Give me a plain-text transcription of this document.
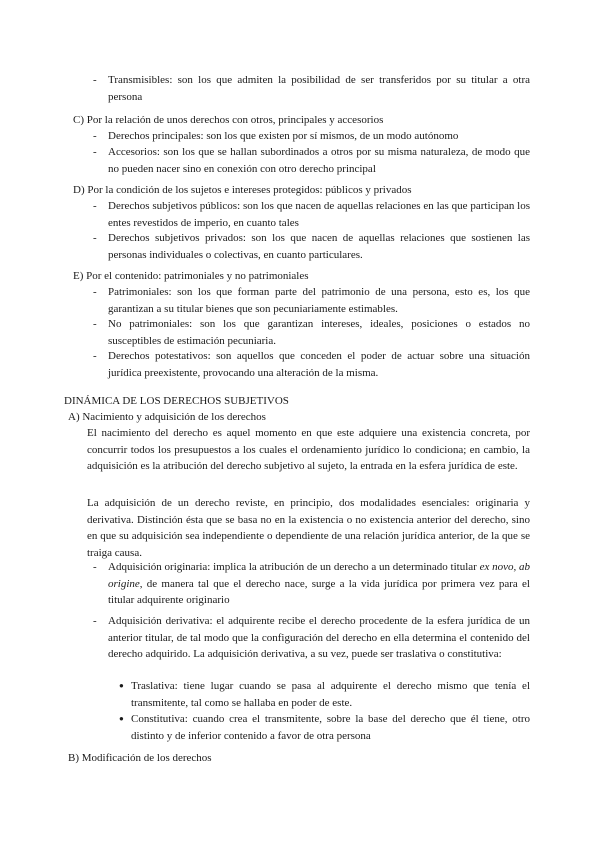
- Transmisibles: son los que admiten la posibilidad de ser transferidos por su titular a otra persona
C) Por la relación de unos derechos con otros, principales y accesorios
- Derechos principales: son los que existen por sí mismos, de un modo autónomo
- Accesorios: son los que se hallan subordinados a otros por su misma naturaleza, de modo que no pueden nacer sino en conexión con otro derecho principal
D) Por la condición de los sujetos e intereses protegidos: públicos y privados
- Derechos subjetivos públicos: son los que nacen de aquellas relaciones en las que participan los entes revestidos de imperio, en cuanto tales
- Derechos subjetivos privados: son los que nacen de aquellas relaciones que sostienen las personas individuales o colectivas, en cuanto particulares.
E) Por el contenido: patrimoniales y no patrimoniales
- Patrimoniales: son los que forman parte del patrimonio de una persona, esto es, los que garantizan a su titular bienes que son pecuniariamente estimables.
- No patrimoniales: son los que garantizan intereses, ideales, posiciones o estados no susceptibles de estimación pecuniaria.
- Derechos potestativos: son aquellos que conceden el poder de actuar sobre una situación jurídica preexistente, provocando una alteración de la misma.
DINÁMICA DE LOS DERECHOS SUBJETIVOS
A) Nacimiento y adquisición de los derechos
El nacimiento del derecho es aquel momento en que este adquiere una existencia concreta, por concurrir todos los presupuestos a los cuales el ordenamiento jurídico lo condiciona; en cambio, la adquisición es la atribución del derecho subjetivo al sujeto, la entrada en la esfera jurídica de este.
La adquisición de un derecho reviste, en principio, dos modalidades esenciales: originaria y derivativa. Distinción ésta que se basa no en la existencia o no existencia anterior del derecho, sino en que su adquisición sea independiente o dependiente de una relación jurídica anterior, de la que se traiga causa.
- Adquisición originaria: implica la atribución de un derecho a un determinado titular ex novo, ab origine, de manera tal que el derecho nace, surge a la vida jurídica por primera vez para el titular adquirente originario
- Adquisición derivativa: el adquirente recibe el derecho procedente de la esfera jurídica de un anterior titular, de tal modo que la configuración del derecho en ella determina el contenido del derecho adquirido. La adquisición derivativa, a su vez, puede ser traslativa o constitutiva:
● Traslativa: tiene lugar cuando se pasa al adquirente el derecho mismo que tenía el transmitente, tal como se hallaba en poder de este.
● Constitutiva: cuando crea el transmitente, sobre la base del derecho que él tiene, otro distinto y de inferior contenido a favor de otra persona
B) Modificación de los derechos
